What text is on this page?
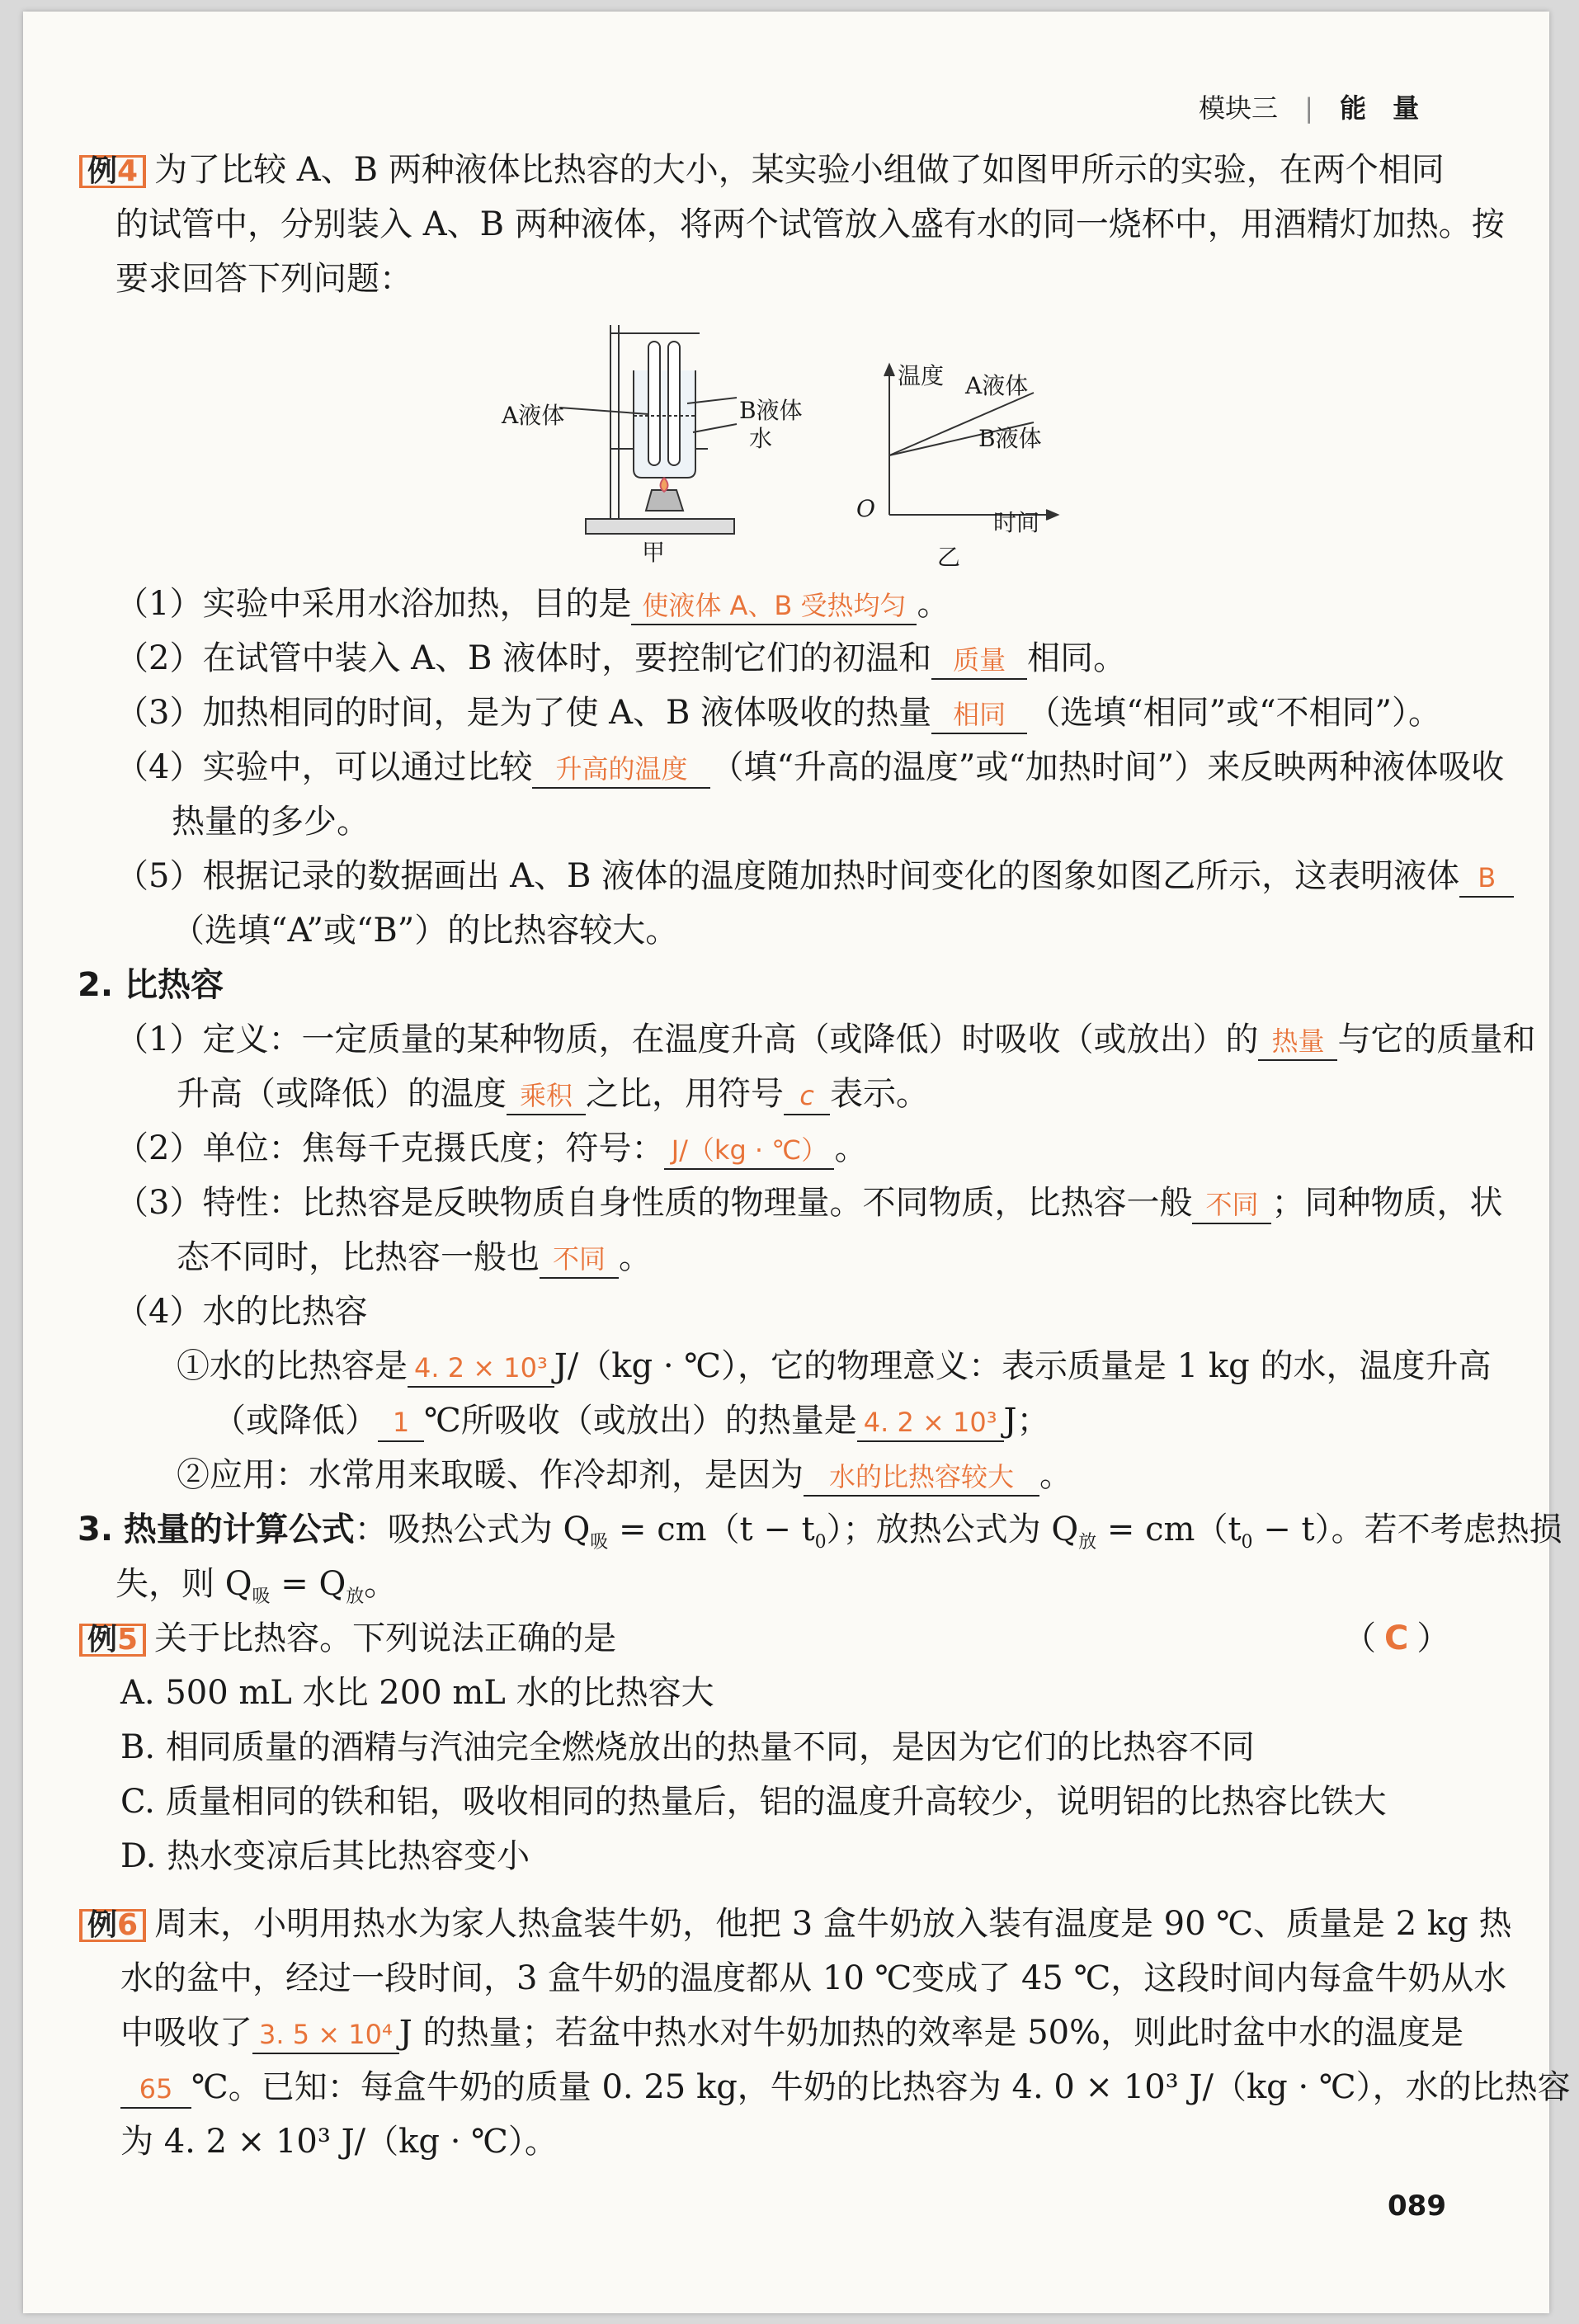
模块三 | 能　量
例4 为了比较 A、B 两种液体比热容的大小，某实验小组做了如图甲所示的实验，在两个相同
的试管中，分别装入 A、B 两种液体，将两个试管放入盛有水的同一烧杯中，用酒精灯加热。按
要求回答下列问题：
A液体	B液体
水
甲
温度 A液体
B液体
O
时间
乙
（1）实验中采用水浴加热，目的是 使液体 A、B 受热均匀 。
（2）在试管中装入 A、B 液体时，要控制它们的初温和 质量 相同。
（3）加热相同的时间，是为了使 A、B 液体吸收的热量 相同 （选填“相同”或“不相同”）。
（4）实验中，可以通过比较 升高的温度 （填“升高的温度”或“加热时间”）来反映两种液体吸收
热量的多少。
（5）根据记录的数据画出 A、B 液体的温度随加热时间变化的图象如图乙所示，这表明液体 B
（选填“A”或“B”）的比热容较大。
2. 比热容
（1）定义：一定质量的某种物质，在温度升高（或降低）时吸收（或放出）的 热量 与它的质量和
升高（或降低）的温度 乘积 之比，用符号 c 表示。
（2）单位：焦每千克摄氏度；符号： J/（kg · ℃） 。
（3）特性：比热容是反映物质自身性质的物理量。不同物质，比热容一般 不同 ；同种物质，状
态不同时，比热容一般也 不同 。
（4）水的比热容
①水的比热容是 4. 2 × 10³ J/（kg · ℃），它的物理意义：表示质量是 1 kg 的水，温度升高
（或降低） 1 ℃所吸收（或放出）的热量是 4. 2 × 10³ J；
②应用：水常用来取暖、作冷却剂，是因为 水的比热容较大 。
3. 热量的计算公式：吸热公式为 $Q_吸 = cm(t - t_0)$；放热公式为 $Q_放 = cm(t_0 - t)$。若不考虑热损
失，则 $Q_吸 = Q_放$。
例5 关于比热容。下列说法正确的是	（ C ）
A. 500 mL 水比 200 mL 水的比热容大
B. 相同质量的酒精与汽油完全燃烧放出的热量不同，是因为它们的比热容不同
C. 质量相同的铁和铝，吸收相同的热量后，铝的温度升高较少，说明铝的比热容比铁大
D. 热水变凉后其比热容变小
例6 周末，小明用热水为家人热盒装牛奶，他把 3 盒牛奶放入装有温度是 90 ℃、质量是 2 kg 热
水的盆中，经过一段时间，3 盒牛奶的温度都从 10 ℃变成了 45 ℃，这段时间内每盒牛奶从水
中吸收了 3. 5 × 10⁴ J 的热量；若盆中热水对牛奶加热的效率是 50%，则此时盆中水的温度是
65 ℃。已知：每盒牛奶的质量 0. 25 kg，牛奶的比热容为 4. 0 × 10³ J/（kg · ℃），水的比热容
为 4. 2 × 10³ J/（kg · ℃）。
089
